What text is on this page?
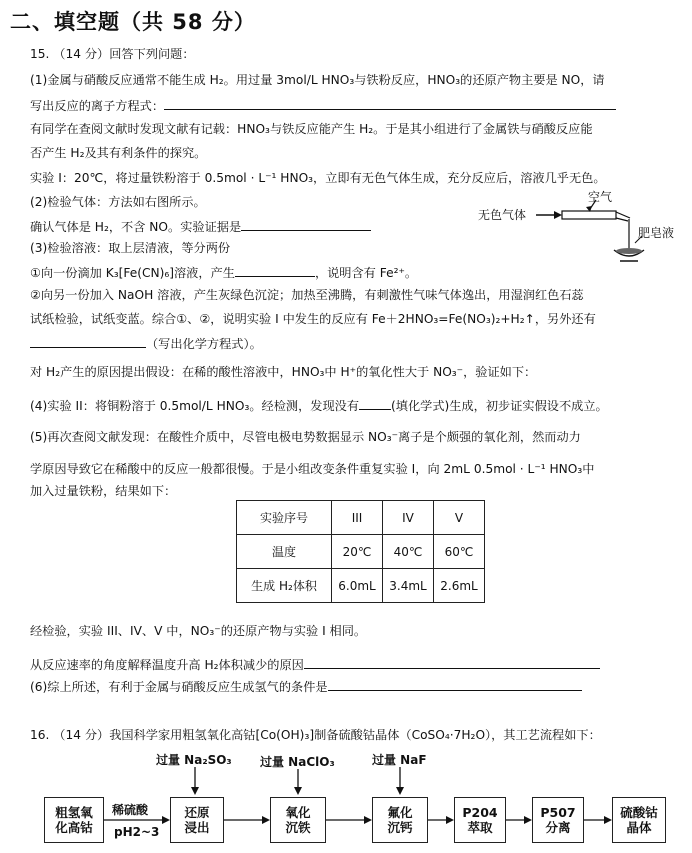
二、填空题（共 58 分）
15. （14 分）回答下列问题：
(1)金属与硝酸反应通常不能生成 H₂。用过量 3mol/L HNO₃与铁粉反应，HNO₃的还原产物主要是 NO，请
写出反应的离子方程式：
有同学在查阅文献时发现文献有记载：HNO₃与铁反应能产生 H₂。于是其小组进行了金属铁与硝酸反应能
否产生 H₂及其有利条件的探究。
实验 I：20℃，将过量铁粉溶于 0.5mol · L⁻¹ HNO₃，立即有无色气体生成，充分反应后，溶液几乎无色。
(2)检验气体：方法如右图所示。
确认气体是 H₂，不含 NO。实验证据是
(3)检验溶液：取上层清液，等分两份
①向一份滴加 K₃[Fe(CN)₆]溶液，产生	，说明含有 Fe²⁺。
②向另一份加入 NaOH 溶液，产生灰绿色沉淀；加热至沸腾，有刺激性气味气体逸出，用湿润红色石蕊
试纸检验，试纸变蓝。综合①、②，说明实验 I 中发生的反应有 Fe＋2HNO₃=Fe(NO₃)₂+H₂↑，另外还有
（写出化学方程式）。
对 H₂产生的原因提出假设：在稀的酸性溶液中，HNO₃中 H⁺的氧化性大于 NO₃⁻，验证如下：
(4)实验 II：将铜粉溶于 0.5mol/L HNO₃。经检测，发现没有	(填化学式)生成，初步证实假设不成立。
(5)再次查阅文献发现：在酸性介质中，尽管电极电势数据显示 NO₃⁻离子是个颇强的氧化剂，然而动力
学原因导致它在稀酸中的反应一般都很慢。于是小组改变条件重复实验 I，向 2mL 0.5mol · L⁻¹ HNO₃中
加入过量铁粉，结果如下：
实验序号	III	IV	V
温度	20℃	40℃	60℃
生成 H₂体积	6.0mL	3.4mL	2.6mL
经检验，实验 III、IV、V 中，NO₃⁻的还原产物与实验 I 相同。
从反应速率的角度解释温度升高 H₂体积减少的原因
(6)综上所述，有利于金属与硝酸反应生成氢气的条件是
无色气体
空气
肥皂液
16. （14 分）我国科学家用粗氢氧化高钴[Co(OH)₃]制备硫酸钴晶体（CoSO₄·7H₂O），其工艺流程如下：
过量 Na₂SO₃ 过量 NaClO₃	过量 NaF
稀硫酸
pH2~3
粗氢氧
化高钴
还原
浸出
氧化
沉铁
氟化
沉钙
P204
萃取
P507
分离
硫酸钴
晶体
